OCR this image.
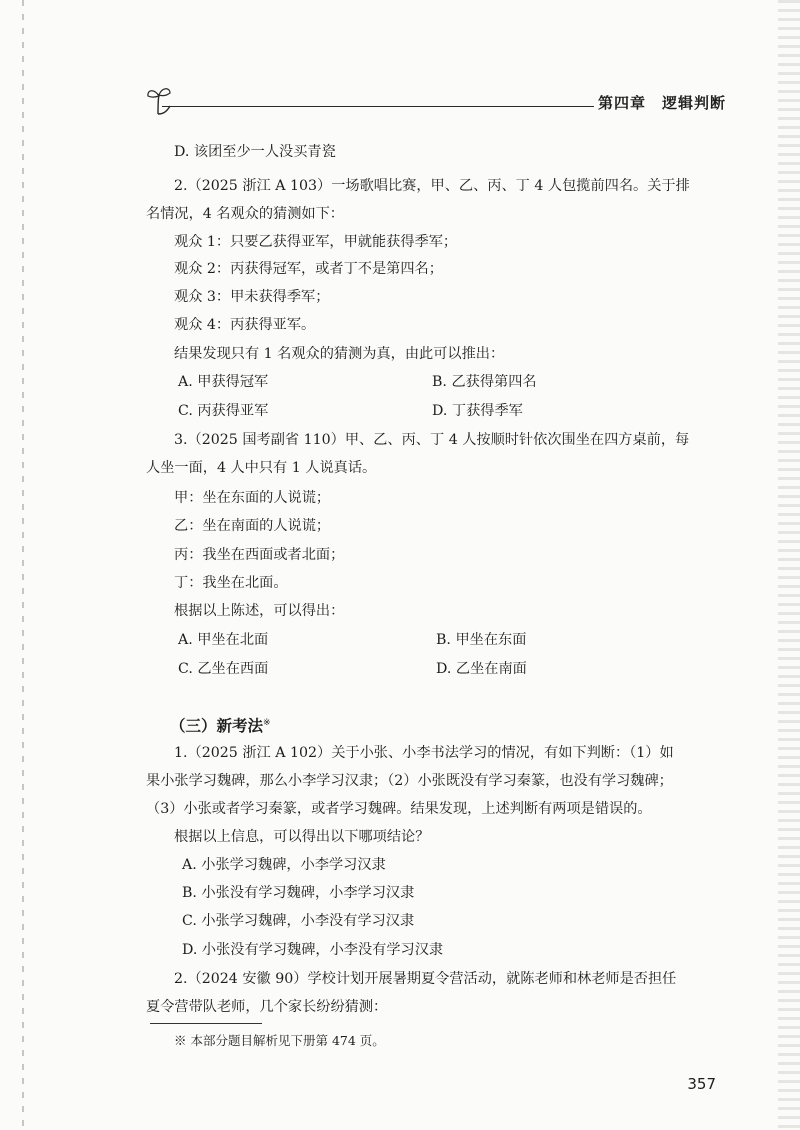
第四章　逻辑判断
D. 该团至少一人没买青瓷
2.（2025 浙江 A 103）一场歌唱比赛，甲、乙、丙、丁 4 人包揽前四名。关于排
名情况，4 名观众的猜测如下：
观众 1：只要乙获得亚军，甲就能获得季军；
观众 2：丙获得冠军，或者丁不是第四名；
观众 3：甲未获得季军；
观众 4：丙获得亚军。
结果发现只有 1 名观众的猜测为真，由此可以推出：
A. 甲获得冠军	B. 乙获得第四名
C. 丙获得亚军	D. 丁获得季军
3.（2025 国考副省 110）甲、乙、丙、丁 4 人按顺时针依次围坐在四方桌前，每
人坐一面，4 人中只有 1 人说真话。
甲：坐在东面的人说谎；
乙：坐在南面的人说谎；
丙：我坐在西面或者北面；
丁：我坐在北面。
根据以上陈述，可以得出：
A. 甲坐在北面	B. 甲坐在东面
C. 乙坐在西面	D. 乙坐在南面
（三）新考法※
1.（2025 浙江 A 102）关于小张、小李书法学习的情况，有如下判断：（1）如
果小张学习魏碑，那么小李学习汉隶；（2）小张既没有学习秦篆，也没有学习魏碑；
（3）小张或者学习秦篆，或者学习魏碑。结果发现，上述判断有两项是错误的。
根据以上信息，可以得出以下哪项结论？
A. 小张学习魏碑，小李学习汉隶
B. 小张没有学习魏碑，小李学习汉隶
C. 小张学习魏碑，小李没有学习汉隶
D. 小张没有学习魏碑，小李没有学习汉隶
2.（2024 安徽 90）学校计划开展暑期夏令营活动，就陈老师和林老师是否担任
夏令营带队老师，几个家长纷纷猜测：
※ 本部分题目解析见下册第 474 页。
357
